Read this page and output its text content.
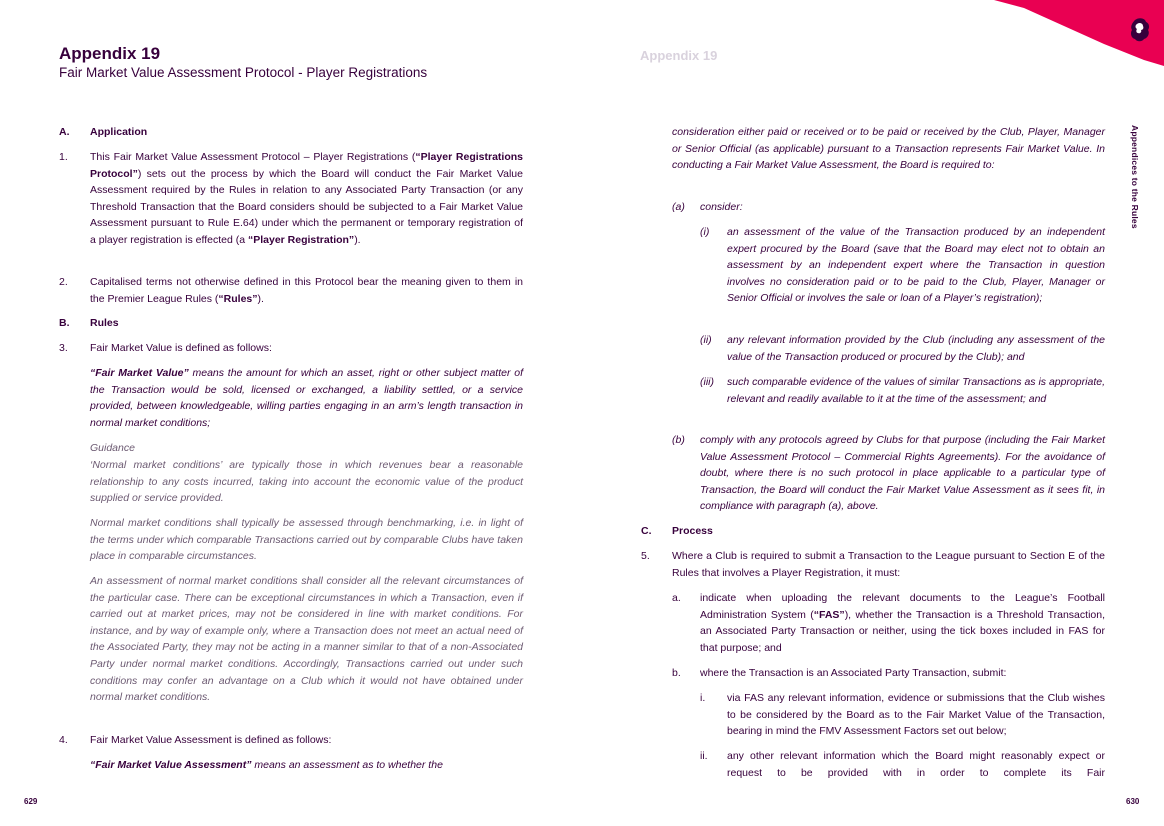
Appendix 19
Fair Market Value Assessment Protocol - Player Registrations
A. Application
1. This Fair Market Value Assessment Protocol – Player Registrations (“Player Registrations Protocol”) sets out the process by which the Board will conduct the Fair Market Value Assessment required by the Rules in relation to any Associated Party Transaction (or any Threshold Transaction that the Board considers should be subjected to a Fair Market Value Assessment pursuant to Rule E.64) under which the permanent or temporary registration of a player registration is effected (a “Player Registration”).

2. Capitalised terms not otherwise defined in this Protocol bear the meaning given to them in the Premier League Rules (“Rules”).

B. Rules
3. Fair Market Value is defined as follows:

“Fair Market Value” means the amount for which an asset, right or other subject matter of the Transaction would be sold, licensed or exchanged, a liability settled, or a service provided, between knowledgeable, willing parties engaging in an arm’s length transaction in normal market conditions;

Guidance

‘Normal market conditions’ are typically those in which revenues bear a reasonable relationship to any costs incurred, taking into account the economic value of the product supplied or service provided.

Normal market conditions shall typically be assessed through benchmarking, i.e. in light of the terms under which comparable Transactions carried out by comparable Clubs have taken place in comparable circumstances.

An assessment of normal market conditions shall consider all the relevant circumstances of the particular case. There can be exceptional circumstances in which a Transaction, even if carried out at market prices, may not be considered in line with market conditions. For instance, and by way of example only, where a Transaction does not meet an actual need of the Associated Party, they may not be acting in a manner similar to that of a non-Associated Party under normal market conditions. Accordingly, Transactions carried out under such conditions may confer an advantage on a Club which it would not have obtained under normal market conditions.

4. Fair Market Value Assessment is defined as follows:

“Fair Market Value Assessment” means an assessment as to whether the

629
Appendix 19
Appendices to the Rules

consideration either paid or received or to be paid or received by the Club, Player, Manager or Senior Official (as applicable) pursuant to a Transaction represents Fair Market Value. In conducting a Fair Market Value Assessment, the Board is required to:

(a) consider:

(i) an assessment of the value of the Transaction produced by an independent expert procured by the Board (save that the Board may elect not to obtain an assessment by an independent expert where the Transaction in question involves no consideration paid or to be paid to the Club, Player, Manager or Senior Official or involves the sale or loan of a Player’s registration);

(ii) any relevant information provided by the Club (including any assessment of the value of the Transaction produced or procured by the Club); and

(iii) such comparable evidence of the values of similar Transactions as is appropriate, relevant and readily available to it at the time of the assessment; and

(b) comply with any protocols agreed by Clubs for that purpose (including the Fair Market Value Assessment Protocol – Commercial Rights Agreements). For the avoidance of doubt, where there is no such protocol in place applicable to a particular type of Transaction, the Board will conduct the Fair Market Value Assessment as it sees fit, in compliance with paragraph (a), above.

C. Process
5. Where a Club is required to submit a Transaction to the League pursuant to Section E of the Rules that involves a Player Registration, it must:

a. indicate when uploading the relevant documents to the League’s Football Administration System (“FAS”), whether the Transaction is a Threshold Transaction, an Associated Party Transaction or neither, using the tick boxes included in FAS for that purpose; and

b. where the Transaction is an Associated Party Transaction, submit:

i. via FAS any relevant information, evidence or submissions that the Club wishes to be considered by the Board as to the Fair Market Value of the Transaction, bearing in mind the FMV Assessment Factors set out below;

ii. any other relevant information which the Board might reasonably expect or request to be provided with in order to complete its Fair

630
